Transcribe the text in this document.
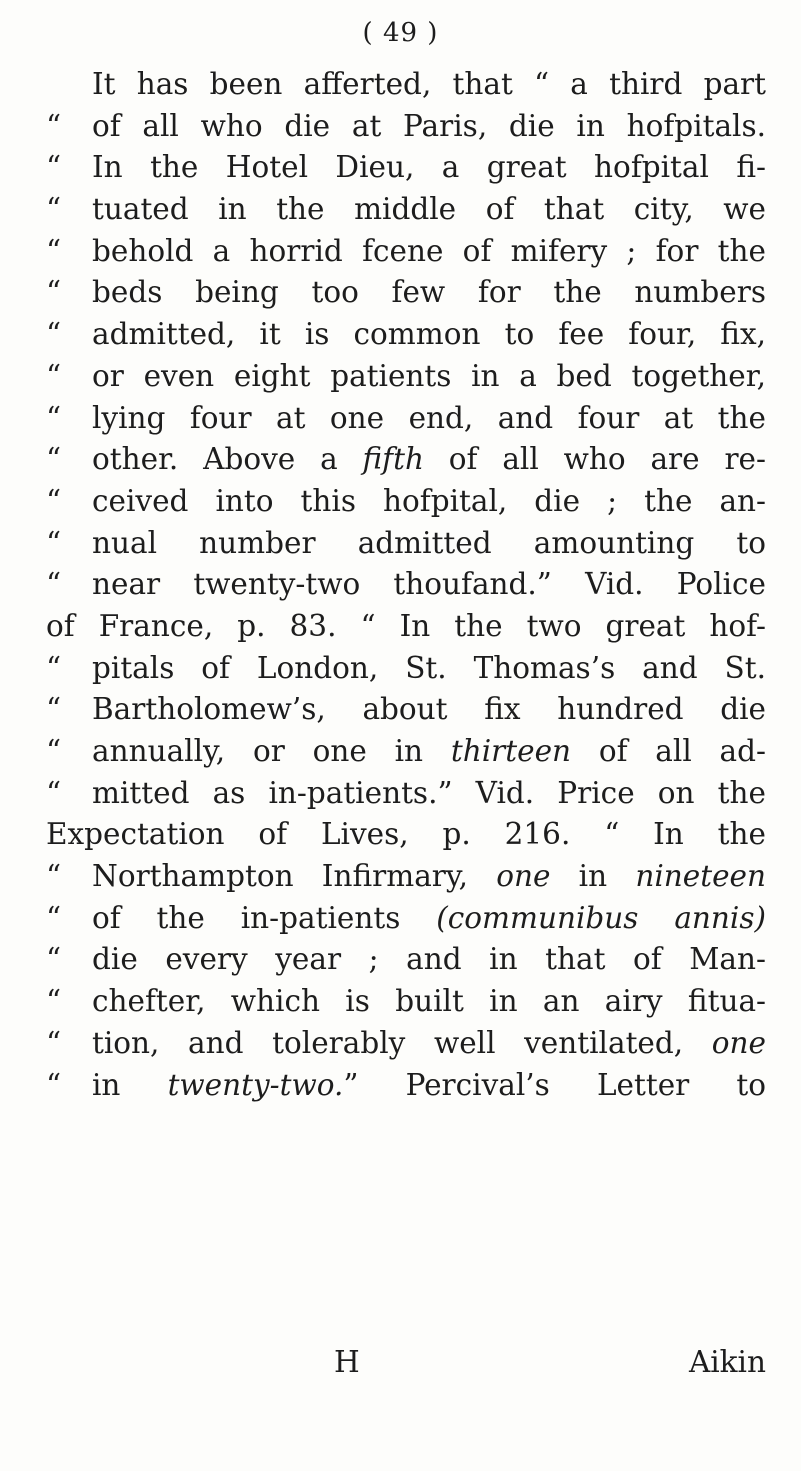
( 49 )
It has been afferted, that “ a third part
“	of all who die at Paris, die in hofpitals.
“	In the Hotel Dieu, a great hofpital fi-
“	tuated in the middle of that city, we
“	behold a horrid fcene of mifery ; for the
“	beds being too few for the numbers
“	admitted, it is common to fee four, fix,
“	or even eight patients in a bed together,
“	lying four at one end, and four at the
“	other. Above a fifth of all who are re-
“	ceived into this hofpital, die ; the an-
“	nual number admitted amounting to
“	near twenty-two thoufand.” Vid. Police
of France, p. 83. “ In the two great hof-
“	pitals of London, St. Thomas’s and St.
“	Bartholomew’s, about fix hundred die
“	annually, or one in thirteen of all ad-
“	mitted as in-patients.” Vid. Price on the
Expectation of Lives, p. 216. “ In the
“	Northampton Infirmary, one in nineteen
“	of the in-patients (communibus annis)
“	die every year ; and in that of Man-
“	chefter, which is built in an airy fitua-
“	tion, and tolerably well ventilated, one
“	in twenty-two.” Percival’s Letter to
H	Aikin
